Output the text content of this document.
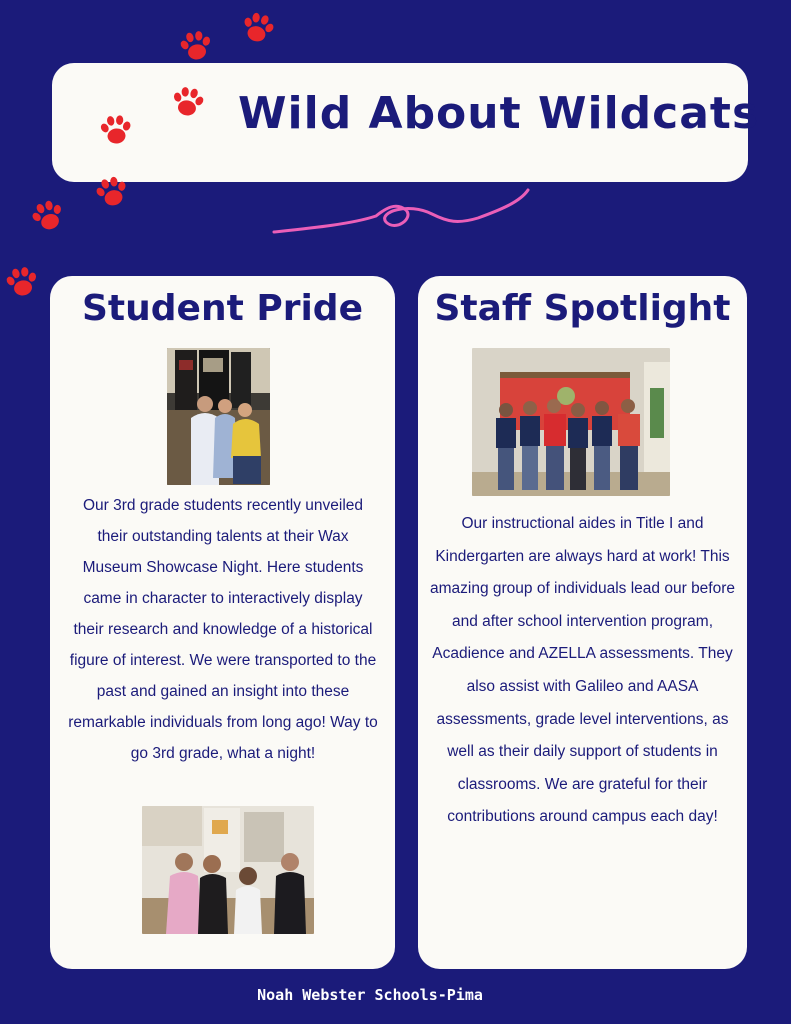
Wild About Wildcats
Student Pride

Our 3rd grade students recently unveiled their outstanding talents at their Wax Museum Showcase Night. Here students came in character to interactively display their research and knowledge of a historical figure of interest. We were transported to the past and gained an insight into these remarkable individuals from long ago! Way to go 3rd grade, what a night!

Staff Spotlight

Our instructional aides in Title I and Kindergarten are always hard at work! This amazing group of individuals lead our before and after school intervention program, Acadience and AZELLA assessments. They also assist with Galileo and AASA assessments, grade level interventions, as well as their daily support of students in classrooms. We are grateful for their contributions around campus each day!

Noah Webster Schools-Pima
